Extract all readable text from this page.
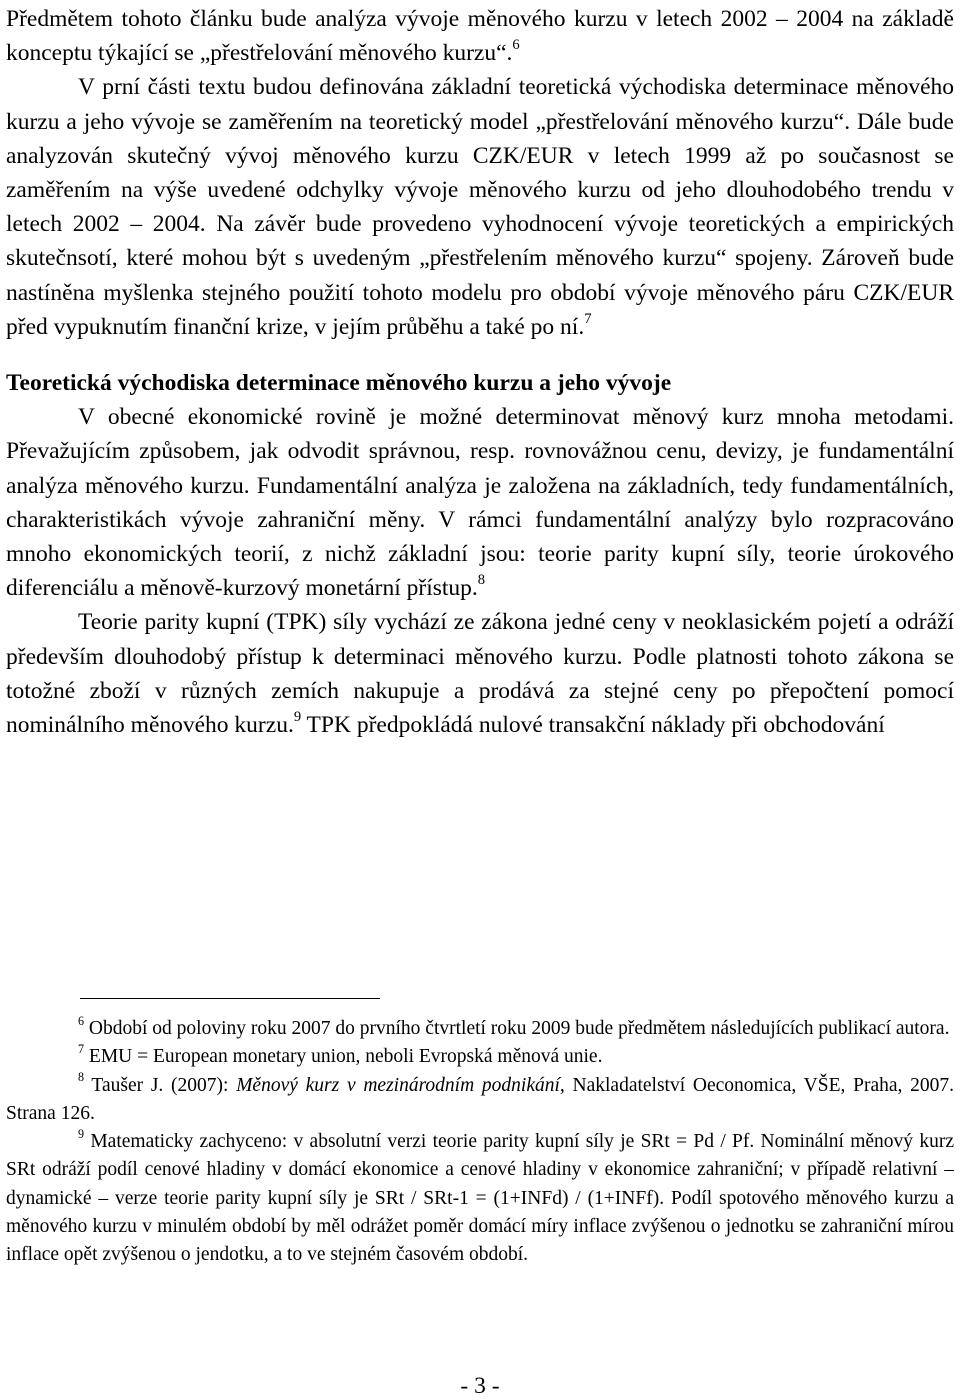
Předmětem tohoto článku bude analýza vývoje měnového kurzu v letech 2002 – 2004 na základě konceptu týkající se „přestřelování měnového kurzu“.$^6$

V prní části textu budou definována základní teoretická východiska determinace měnového kurzu a jeho vývoje se zaměřením na teoretický model „přestřelování měnového kurzu“. Dále bude analyzován skutečný vývoj měnového kurzu CZK/EUR v letech 1999 až po současnost se zaměřením na výše uvedené odchylky vývoje měnového kurzu od jeho dlouhodobého trendu v letech 2002 – 2004. Na závěr bude provedeno vyhodnocení vývoje teoretických a empirických skutečnsotí, které mohou být s uvedeným „přestřelením měnového kurzu“ spojeny. Zároveň bude nastíněna myšlenka stejného použití tohoto modelu pro období vývoje měnového páru CZK/EUR před vypuknutím finanční krize, v jejím průběhu a také po ní.$^7$

Teoretická východiska determinace měnového kurzu a jeho vývoje

V obecné ekonomické rovině je možné determinovat měnový kurz mnoha metodami. Převažujícím způsobem, jak odvodit správnou, resp. rovnovážnou cenu, devizy, je fundamentální analýza měnového kurzu. Fundamentální analýza je založena na základních, tedy fundamentálních, charakteristikách vývoje zahraniční měny. V rámci fundamentální analýzy bylo rozpracováno mnoho ekonomických teorií, z nichž základní jsou: teorie parity kupní síly, teorie úrokového diferenciálu a měnově-kurzový monetární přístup.$^8$

Teorie parity kupní (TPK) síly vychází ze zákona jedné ceny v neoklasickém pojetí a odráží především dlouhodobý přístup k determinaci měnového kurzu. Podle platnosti tohoto zákona se totožné zboží v různých zemích nakupuje a prodává za stejné ceny po přepočtení pomocí nominálního měnového kurzu.$^9$ TPK předpokládá nulové transakční náklady při obchodování

$^6$ Období od poloviny roku 2007 do prvního čtvrtletí roku 2009 bude předmětem následujících publikací autora.

$^7$ EMU = European monetary union, neboli Evropská měnová unie.

$^8$ Taušer J. (2007): Měnový kurz v mezinárodním podnikání, Nakladatelství Oeconomica, VŠE, Praha, 2007. Strana 126.

$^9$ Matematicky zachyceno: v absolutní verzi teorie parity kupní síly je SRt = Pd / Pf. Nominální měnový kurz SRt odráží podíl cenové hladiny v domácí ekonomice a cenové hladiny v ekonomice zahraniční; v případě relativní – dynamické – verze teorie parity kupní síly je SRt / SRt-1 = (1+INFd) / (1+INFf). Podíl spotového měnového kurzu a měnového kurzu v minulém období by měl odrážet poměr domácí míry inflace zvýšenou o jednotku se zahraniční mírou inflace opět zvýšenou o jendotku, a to ve stejném časovém období.

- 3 -
